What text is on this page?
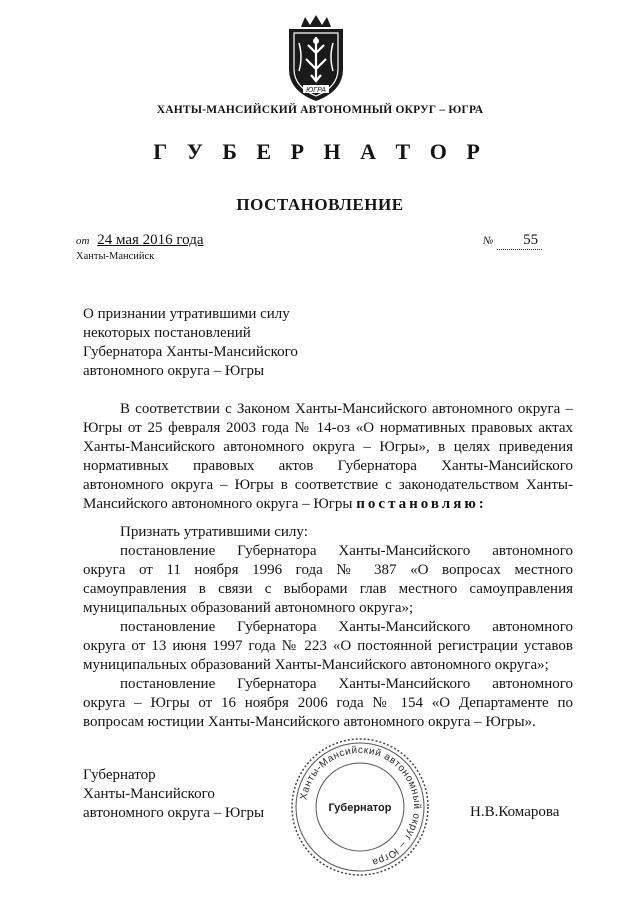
ЮГРА
ХАНТЫ-МАНСИЙСКИЙ АВТОНОМНЫЙ ОКРУГ – ЮГРА
Г У Б Е Р Н А Т О Р
ПОСТАНОВЛЕНИЕ
от 24 мая 2016 года	№ 55
Ханты-Мансийск
О признании утратившими силу
некоторых постановлений
Губернатора Ханты-Мансийского
автономного округа – Югры
В соответствии с Законом Ханты-Мансийского автономного округа –
Югры от 25 февраля 2003 года № 14-оз «О нормативных правовых актах
Ханты-Мансийского автономного округа – Югры», в целях приведения
нормативных правовых актов Губернатора Ханты-Мансийского
автономного округа – Югры в соответствие с законодательством Ханты-
Мансийского автономного округа – Югры постановляю:
Признать утратившими силу:
постановление Губернатора Ханты-Мансийского автономного
округа от 11 ноября 1996 года № 387 «О вопросах местного
самоуправления в связи с выборами глав местного самоуправления
муниципальных образований автономного округа»;
постановление Губернатора Ханты-Мансийского автономного
округа от 13 июня 1997 года № 223 «О постоянной регистрации уставов
муниципальных образований Ханты-Мансийского автономного округа»;
постановление Губернатора Ханты-Мансийского автономного
округа – Югры от 16 ноября 2006 года № 154 «О Департаменте по
вопросам юстиции Ханты-Мансийского автономного округа – Югры».
Губернатор
Ханты-Мансийского
автономного округа – Югры
Ханты-Мансийский автономный округ – Югра
Губернатор	Н.В.Комарова
